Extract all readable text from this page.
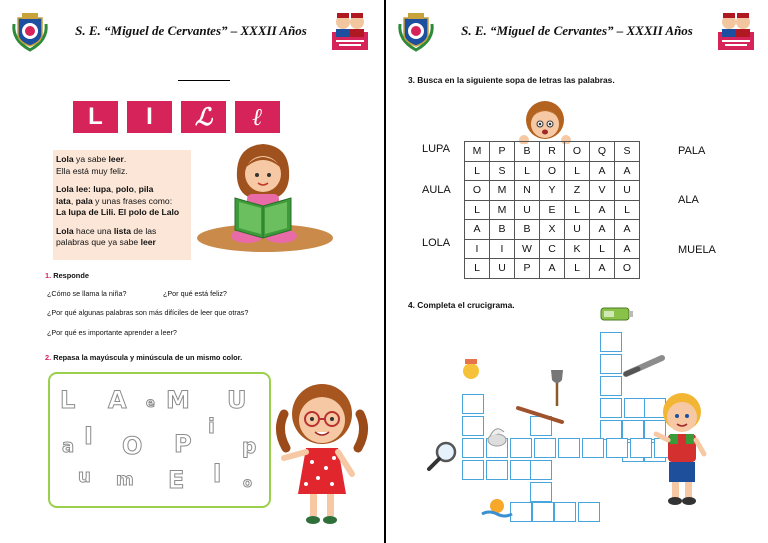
S. E. “Miguel de Cervantes” – XXXII Años
L	I	ℒ	ℓ

Lola ya sabe leer.
Ella está muy feliz.

Lola lee: lupa, polo, pila
lata, pala y unas frases como:
La lupa de Lili. El polo de Lalo

Lola hace una lista de las
palabras que ya sabe leer

1. Responde
¿Cómo se llama la niña?	¿Por qué está feliz?
¿Por qué algunas palabras son más difíciles de leer que otras?
¿Por qué es importante aprender a leer?
2. Repasa la mayúscula y minúscula de un mismo color.
L A e M U
I	i
a O P	p
u m E l o
S. E. “Miguel de Cervantes” – XXXII Años
3. Busca en la siguiente sopa de letras las palabras.
M	P	B	R	O	Q	S
L	S	L	O	L	A	A
O	M	N	Y	Z	V	U
L	M	U	E	L	A	L
A	B	B	X	U	A	A
I	I	W	C	K	L	A
L	U	P	A	L	A	O
LUPA
AULA
LOLA
PALA
ALA
MUELA
4. Completa el crucigrama.
